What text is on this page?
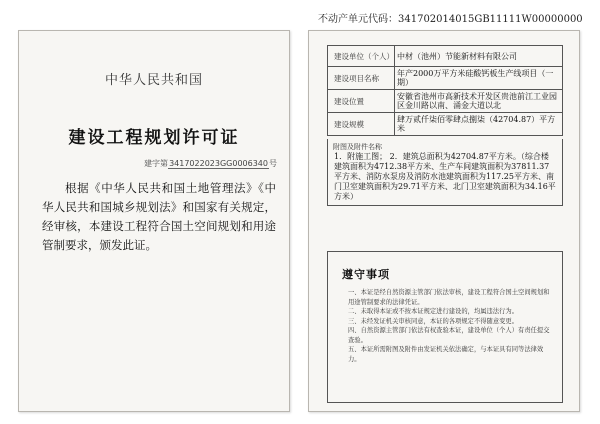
不动产单元代码：341702014015GB11111W00000000
中华人民共和国
建设工程规划许可证
建字第3417022023GG0006340号
根据《中华人民共和国土地管理法》《中华人民共和国城乡规划法》和国家有关规定，经审核，本建设工程符合国土空间规划和用途管制要求，颁发此证。
建设单位（个人）	中材（池州）节能新材料有限公司
建设项目名称	年产2000万平方米硅酸钙板生产线项目（一期）
建设位置	安徽省池州市高新技术开发区贵池前江工业园区金川路以南、涌金大道以北
建设规模	肆万贰仟柒佰零肆点捌柒（42704.87）平方米
附图及附件名称
1．附施工图； 2．建筑总面积为42704.87平方米。（综合楼建筑面积为4712.38平方米、生产车间建筑面积为37811.37平方米、消防水泵房及消防水池建筑面积为117.25平方米、南门卫室建筑面积为29.71平方米、北门卫室建筑面积为34.16平方米）
遵守事项
一、本证是经自然资源主管部门依法审核，建设工程符合国土空间规划和用途管制要求的法律凭证。
二、未取得本证或不按本证规定进行建设的，均属违法行为。
三、未经发证机关审核同意，本证的各项规定不得随意变更。
四、自然资源主管部门依法有权查验本证，建设单位（个人）有责任提交查验。
五、本证所需附图及附件由发证机关依法确定，与本证具有同等法律效力。
